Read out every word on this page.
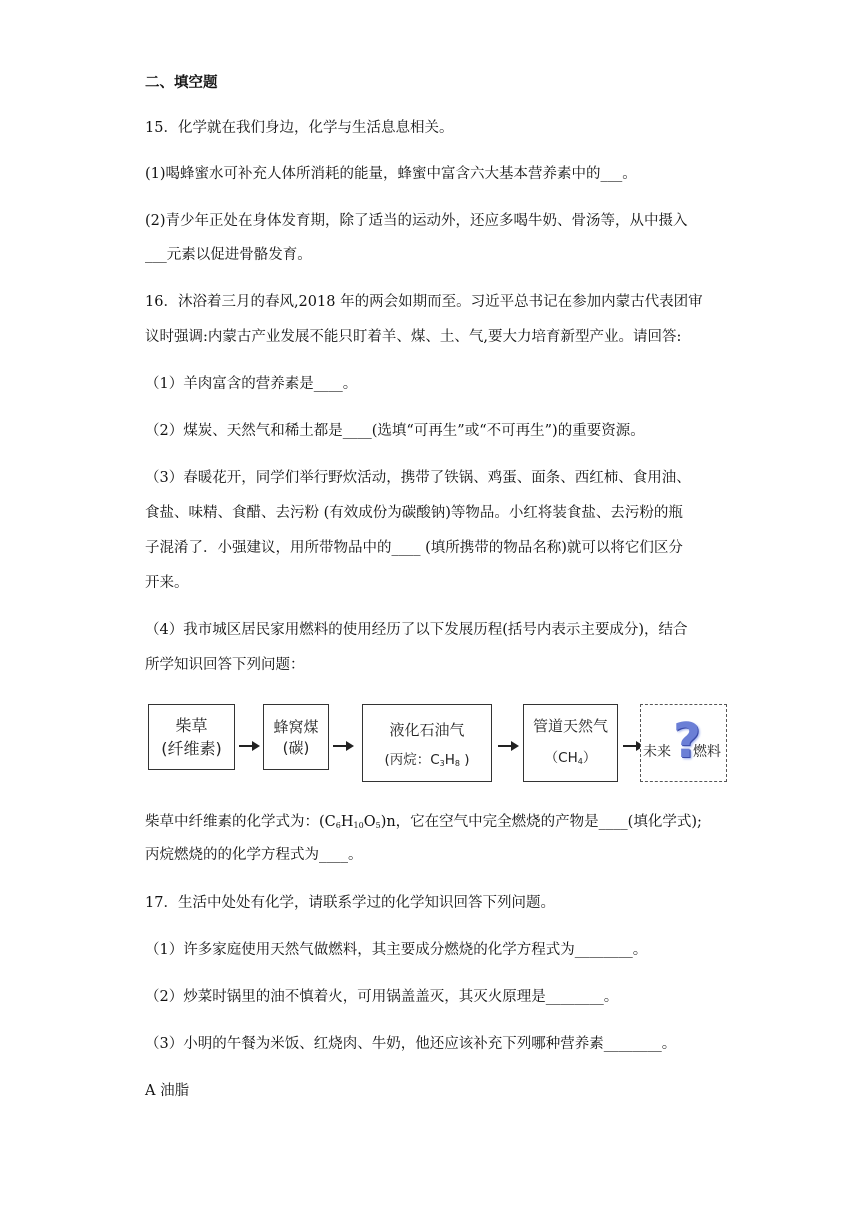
二、填空题
15．化学就在我们身边，化学与生活息息相关。
(1)喝蜂蜜水可补充人体所消耗的能量，蜂蜜中富含六大基本营养素中的___。
(2)青少年正处在身体发育期，除了适当的运动外，还应多喝牛奶、骨汤等，从中摄入
___元素以促进骨骼发育。
16．沐浴着三月的春风,2018 年的两会如期而至。习近平总书记在参加内蒙古代表团审
议时强调:内蒙古产业发展不能只盯着羊、煤、土、气,要大力培育新型产业。请回答:
（1）羊肉富含的营养素是____。
（2）煤炭、天然气和稀土都是____(选填“可再生”或“不可再生”)的重要资源。
（3）春暖花开，同学们举行野炊活动，携带了铁锅、鸡蛋、面条、西红柿、食用油、
食盐、味精、食醋、去污粉 (有效成份为碳酸钠)等物品。小红将装食盐、去污粉的瓶
子混淆了．小强建议，用所带物品中的____ (填所携带的物品名称)就可以将它们区分
开来。
（4）我市城区居民家用燃料的使用经历了以下发展历程(括号内表示主要成分)，结合
所学知识回答下列问题：
柴草
(纤维素)
蜂窝煤
(碳)
液化石油气
(丙烷：$C_3H_8$ )
管道天然气
$(CH_4)$	未来 ?
燃料
柴草中纤维素的化学式为：$(C_6H_{10}O_5)n$，它在空气中完全燃烧的产物是____(填化学式);
丙烷燃烧的的化学方程式为____。
17．生活中处处有化学，请联系学过的化学知识回答下列问题。
（1）许多家庭使用天然气做燃料，其主要成分燃烧的化学方程式为________。
（2）炒菜时锅里的油不慎着火，可用锅盖盖灭，其灭火原理是________。
（3）小明的午餐为米饭、红烧肉、牛奶，他还应该补充下列哪种营养素________。
A 油脂
